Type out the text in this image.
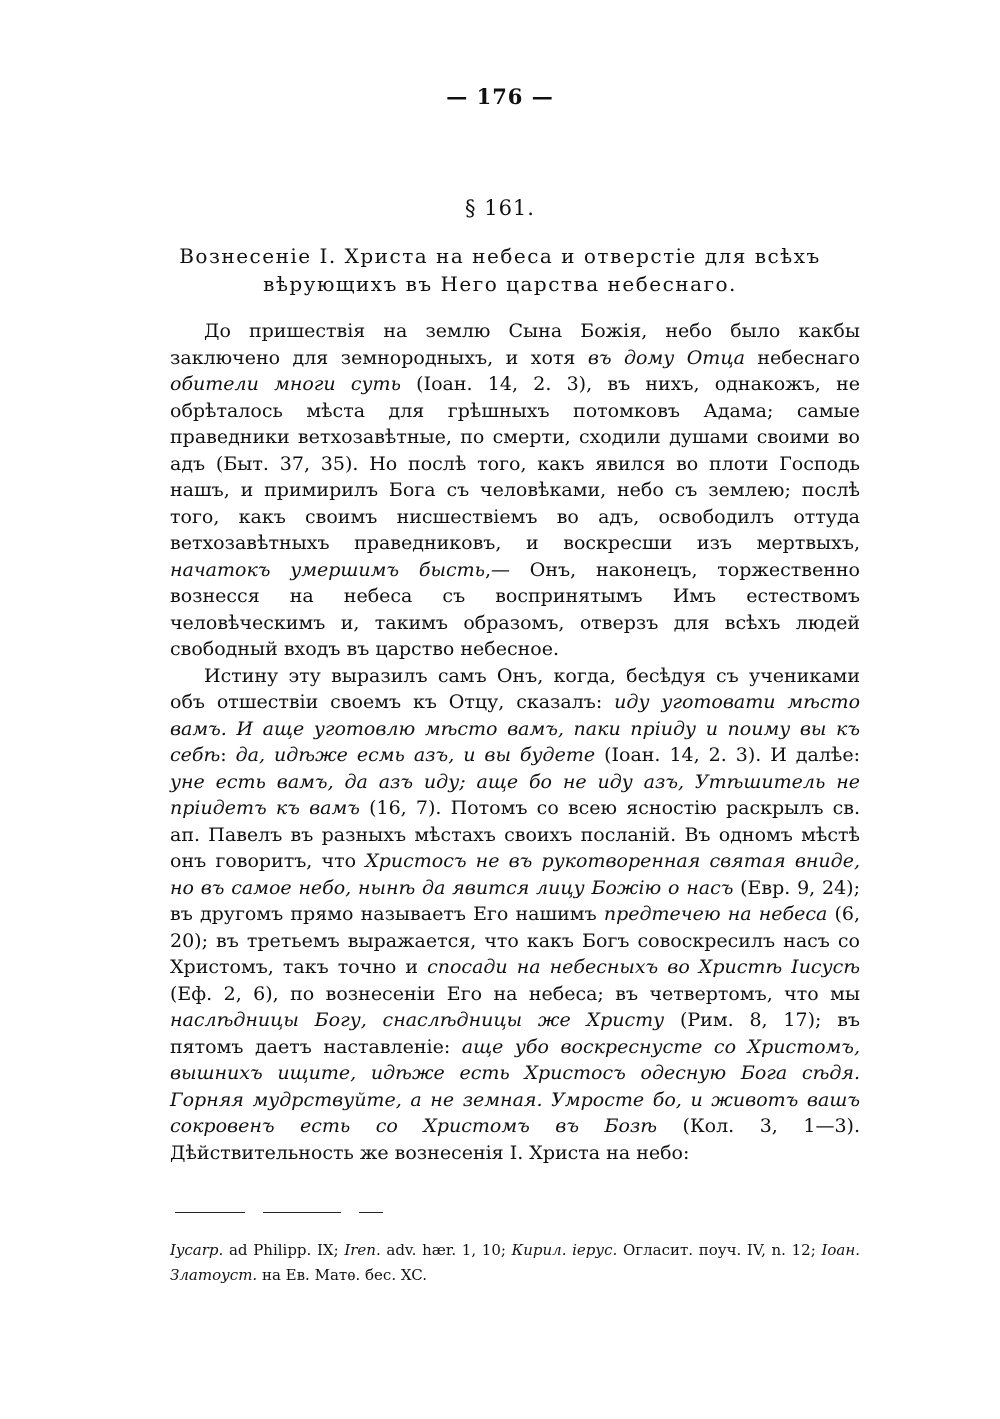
— 176 —
§ 161.
Вознесеніе І. Христа на небеса и отверстіе для всѣхъ вѣрующихъ въ Него царства небеснаго.

До пришествія на землю Сына Божія, небо было какбы заключено для земнородныхъ, и хотя въ дому Отца небеснаго обители многи суть (Іоан. 14, 2. 3), въ нихъ, однакожъ, не обрѣталось мѣста для грѣшныхъ потомковъ Адама; самые праведники ветхозавѣтные, по смерти, сходили душами своими во адъ (Быт. 37, 35). Но послѣ того, какъ явился во плоти Господь нашъ, и примирилъ Бога съ человѣками, небо съ землею; послѣ того, какъ своимъ нисшествіемъ во адъ, освободилъ оттуда ветхозавѣтныхъ праведниковъ, и воскресши изъ мертвыхъ, начатокъ умершимъ бысть,— Онъ, наконецъ, торжественно вознесся на небеса съ воспринятымъ Имъ естествомъ человѣческимъ и, такимъ образомъ, отверзъ для всѣхъ людей свободный входъ въ царство небесное.

Истину эту выразилъ самъ Онъ, когда, бесѣдуя съ учениками объ отшествіи своемъ къ Отцу, сказалъ: иду уготовати мѣсто вамъ. И аще уготовлю мѣсто вамъ, паки пріиду и поиму вы къ себѣ: да, идѣже есмь азъ, и вы будете (Іоан. 14, 2. 3). И далѣе: уне есть вамъ, да азъ иду; аще бо не иду азъ, Утѣшитель не пріидетъ къ вамъ (16, 7). Потомъ со всею ясностію раскрылъ св. ап. Павелъ въ разныхъ мѣстахъ своихъ посланій. Въ одномъ мѣстѣ онъ говоритъ, что Христосъ не въ рукотворенная святая вниде, но въ самое небо, нынѣ да явится лицу Божію о насъ (Евр. 9, 24); въ другомъ прямо называетъ Его нашимъ предтечею на небеса (6, 20); въ третьемъ выражается, что какъ Богъ совоскресилъ насъ со Христомъ, такъ точно и спосади на небесныхъ во Христѣ Іисусѣ (Еф. 2, 6), по вознесеніи Его на небеса; въ четвертомъ, что мы наслѣдницы Богу, снаслѣдницы же Христу (Рим. 8, 17); въ пятомъ даетъ наставленіе: аще убо воскреснусте со Христомъ, вышнихъ ищите, идѣже есть Христосъ одесную Бога сѣдя. Горняя мудрствуйте, а не земная. Умросте бо, и животъ вашъ сокровенъ есть со Христомъ въ Бозѣ (Кол. 3, 1—3). Дѣйствительность же вознесенія І. Христа на небо:

Іycarp. ad Philipp. IX; Iren. adv. hær. 1, 10; Кирил. iерус. Огласит. поуч. IV, n. 12; Іоан. Златоуст. на Ев. Матѳ. бес. XC.
